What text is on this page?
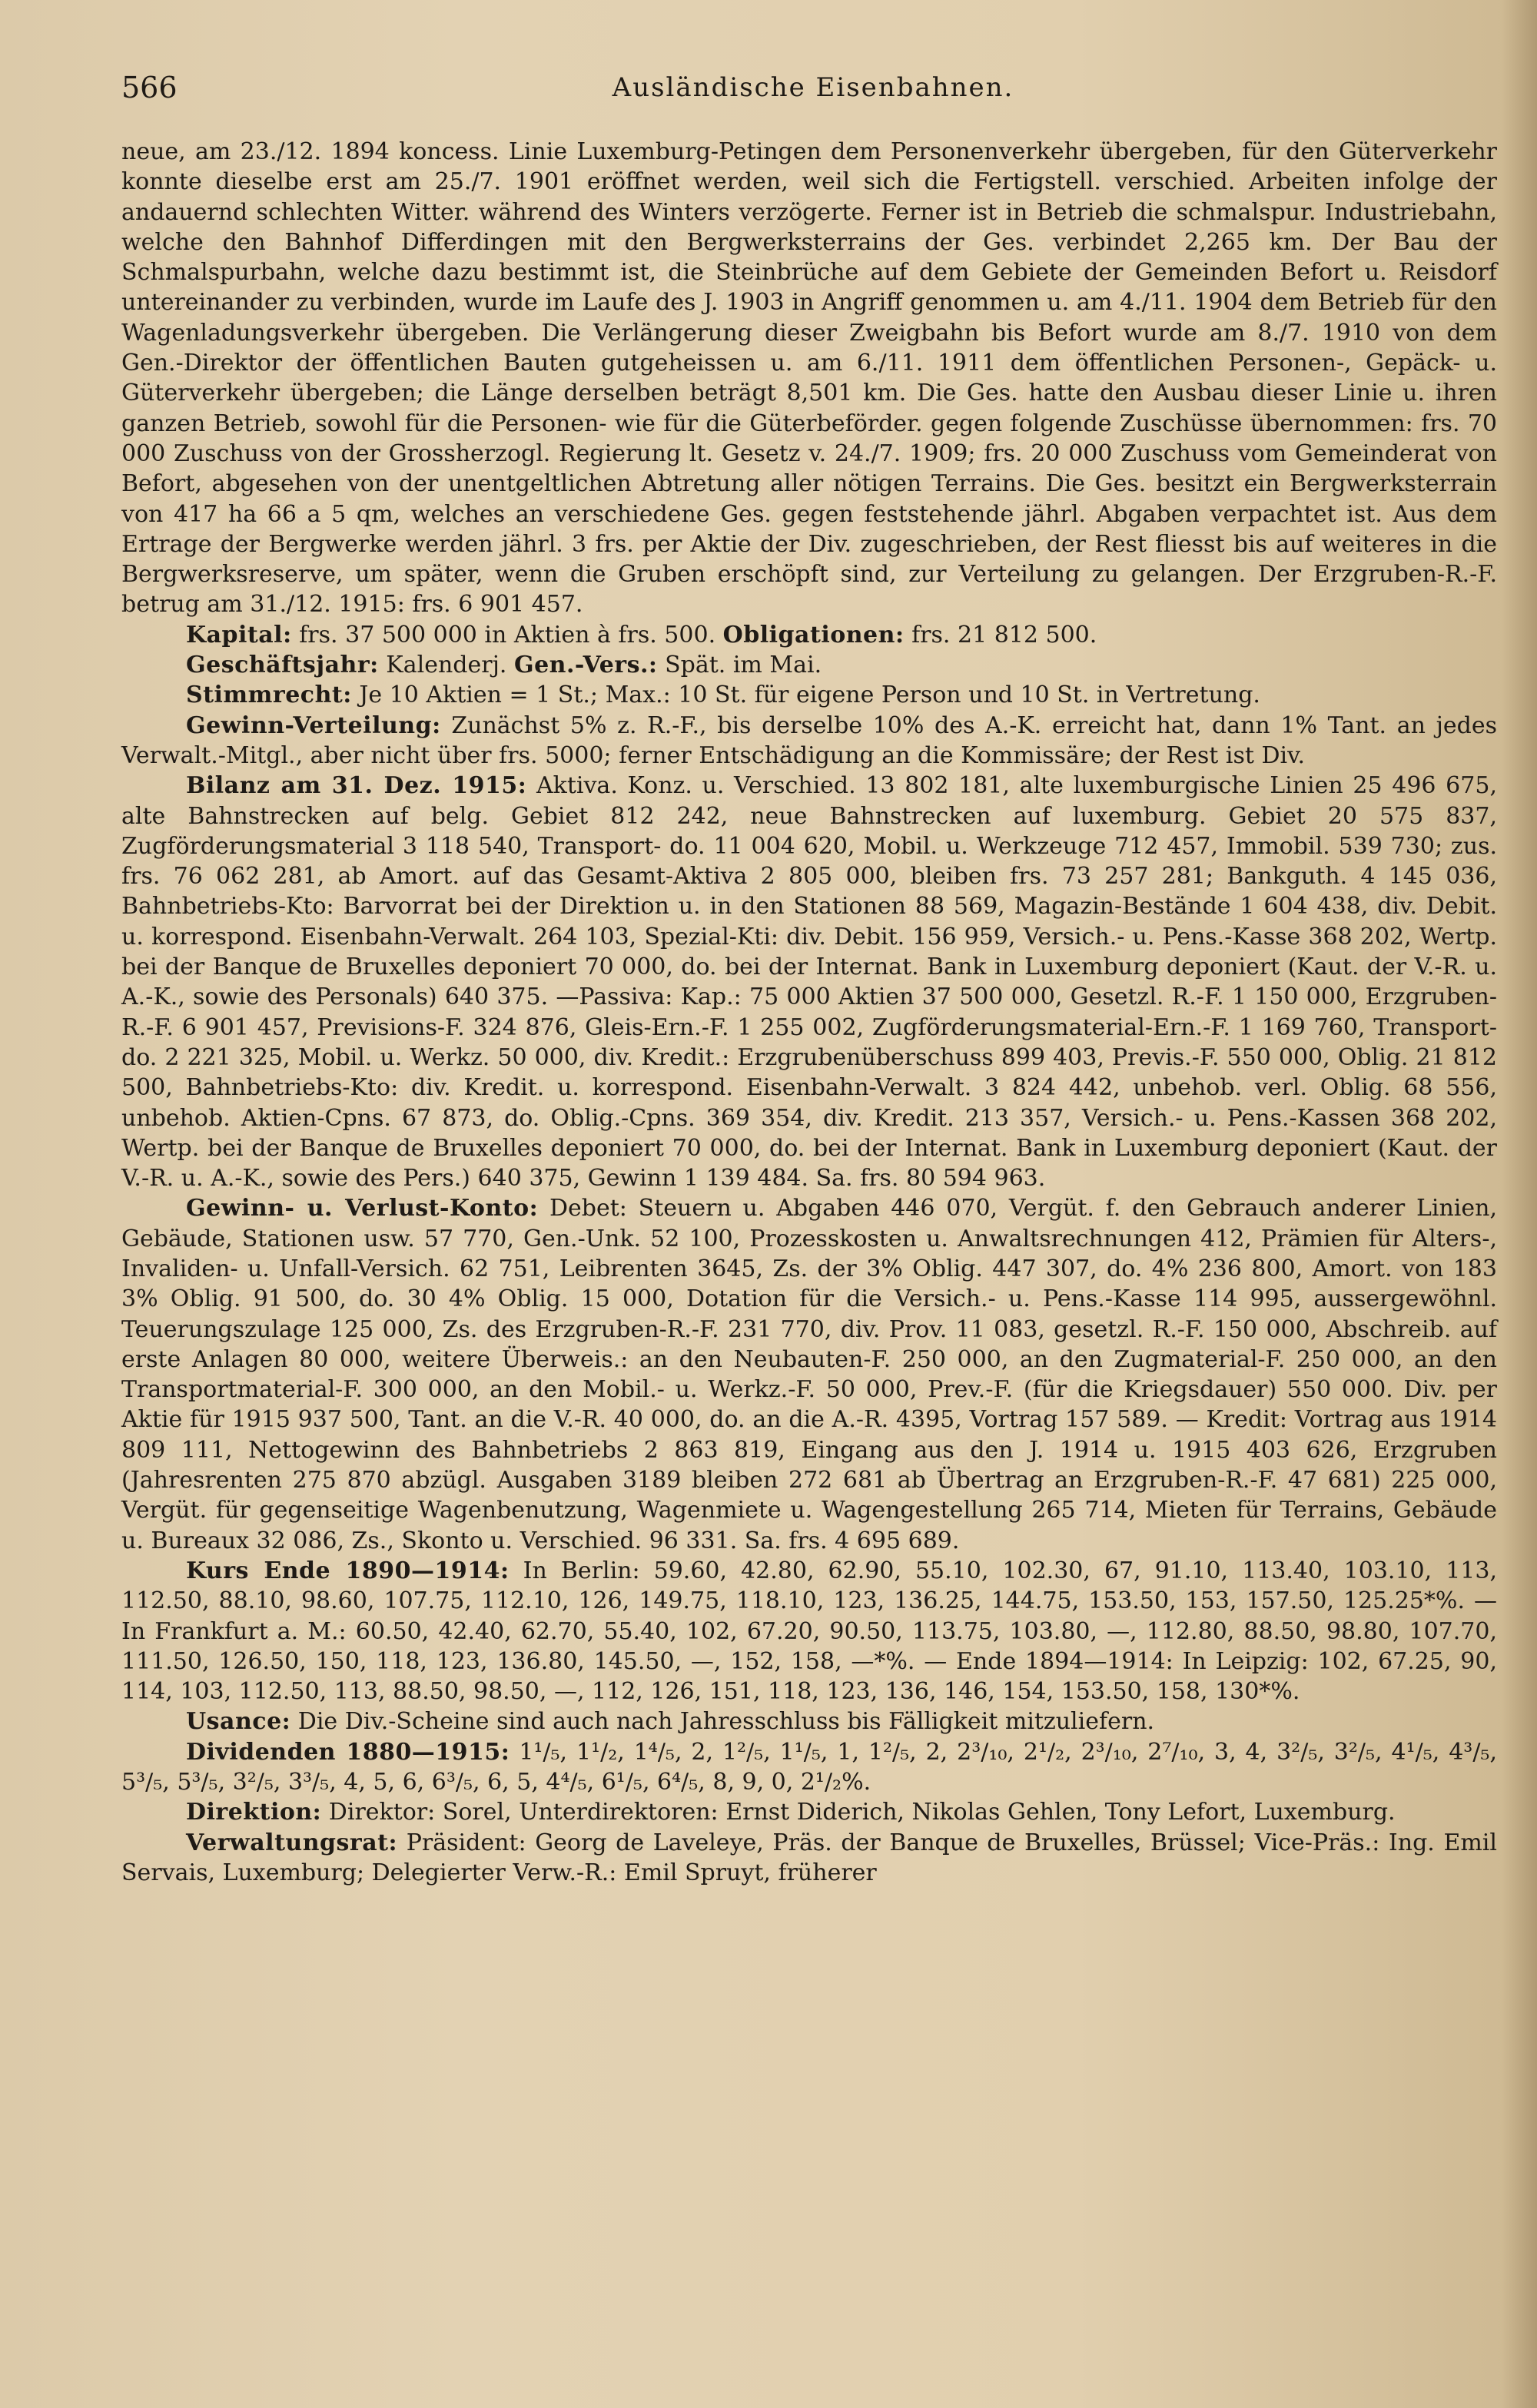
566	Ausländische Eisenbahnen.

neue, am 23./12. 1894 koncess. Linie Luxemburg-Petingen dem Personenverkehr übergeben, für den Güterverkehr konnte dieselbe erst am 25./7. 1901 eröffnet werden, weil sich die Fertigstell. verschied. Arbeiten infolge der andauernd schlechten Witter. während des Winters verzögerte. Ferner ist in Betrieb die schmalspur. Industriebahn, welche den Bahnhof Differdingen mit den Bergwerksterrains der Ges. verbindet 2,265 km. Der Bau der Schmalspurbahn, welche dazu bestimmt ist, die Steinbrüche auf dem Gebiete der Gemeinden Befort u. Reisdorf untereinander zu verbinden, wurde im Laufe des J. 1903 in Angriff genommen u. am 4./11. 1904 dem Betrieb für den Wagenladungsverkehr übergeben. Die Verlängerung dieser Zweigbahn bis Befort wurde am 8./7. 1910 von dem Gen.-Direktor der öffentlichen Bauten gutgeheissen u. am 6./11. 1911 dem öffentlichen Personen-, Gepäck- u. Güterverkehr übergeben; die Länge derselben beträgt 8,501 km. Die Ges. hatte den Ausbau dieser Linie u. ihren ganzen Betrieb, sowohl für die Personen- wie für die Güterbeförder. gegen folgende Zuschüsse übernommen: frs. 70 000 Zuschuss von der Grossherzogl. Regierung lt. Gesetz v. 24./7. 1909; frs. 20 000 Zuschuss vom Gemeinderat von Befort, abgesehen von der unentgeltlichen Abtretung aller nötigen Terrains. Die Ges. besitzt ein Bergwerksterrain von 417 ha 66 a 5 qm, welches an verschiedene Ges. gegen feststehende jährl. Abgaben verpachtet ist. Aus dem Ertrage der Bergwerke werden jährl. 3 frs. per Aktie der Div. zugeschrieben, der Rest fliesst bis auf weiteres in die Bergwerksreserve, um später, wenn die Gruben erschöpft sind, zur Verteilung zu gelangen. Der Erzgruben-R.-F. betrug am 31./12. 1915: frs. 6 901 457.

Kapital: frs. 37 500 000 in Aktien à frs. 500. Obligationen: frs. 21 812 500.

Geschäftsjahr: Kalenderj. Gen.-Vers.: Spät. im Mai.

Stimmrecht: Je 10 Aktien = 1 St.; Max.: 10 St. für eigene Person und 10 St. in Vertretung.

Gewinn-Verteilung: Zunächst 5% z. R.-F., bis derselbe 10% des A.-K. erreicht hat, dann 1% Tant. an jedes Verwalt.-Mitgl., aber nicht über frs. 5000; ferner Entschädigung an die Kommissäre; der Rest ist Div.

Bilanz am 31. Dez. 1915: Aktiva. Konz. u. Verschied. 13 802 181, alte luxemburgische Linien 25 496 675, alte Bahnstrecken auf belg. Gebiet 812 242, neue Bahnstrecken auf luxemburg. Gebiet 20 575 837, Zugförderungsmaterial 3 118 540, Transport- do. 11 004 620, Mobil. u. Werkzeuge 712 457, Immobil. 539 730; zus. frs. 76 062 281, ab Amort. auf das Gesamt-Aktiva 2 805 000, bleiben frs. 73 257 281; Bankguth. 4 145 036, Bahnbetriebs-Kto: Barvorrat bei der Direktion u. in den Stationen 88 569, Magazin-Bestände 1 604 438, div. Debit. u. korrespond. Eisenbahn-Verwalt. 264 103, Spezial-Kti: div. Debit. 156 959, Versich.- u. Pens.-Kasse 368 202, Wertp. bei der Banque de Bruxelles deponiert 70 000, do. bei der Internat. Bank in Luxemburg deponiert (Kaut. der V.-R. u. A.-K., sowie des Personals) 640 375. —Passiva: Kap.: 75 000 Aktien 37 500 000, Gesetzl. R.-F. 1 150 000, Erzgruben-R.-F. 6 901 457, Previsions-F. 324 876, Gleis-Ern.-F. 1 255 002, Zugförderungsmaterial-Ern.-F. 1 169 760, Transport-do. 2 221 325, Mobil. u. Werkz. 50 000, div. Kredit.: Erzgrubenüberschuss 899 403, Previs.-F. 550 000, Oblig. 21 812 500, Bahnbetriebs-Kto: div. Kredit. u. korrespond. Eisenbahn-Verwalt. 3 824 442, unbehob. verl. Oblig. 68 556, unbehob. Aktien-Cpns. 67 873, do. Oblig.-Cpns. 369 354, div. Kredit. 213 357, Versich.- u. Pens.-Kassen 368 202, Wertp. bei der Banque de Bruxelles deponiert 70 000, do. bei der Internat. Bank in Luxemburg deponiert (Kaut. der V.-R. u. A.-K., sowie des Pers.) 640 375, Gewinn 1 139 484. Sa. frs. 80 594 963.

Gewinn- u. Verlust-Konto: Debet: Steuern u. Abgaben 446 070, Vergüt. f. den Gebrauch anderer Linien, Gebäude, Stationen usw. 57 770, Gen.-Unk. 52 100, Prozesskosten u. Anwaltsrechnungen 412, Prämien für Alters-, Invaliden- u. Unfall-Versich. 62 751, Leibrenten 3645, Zs. der 3% Oblig. 447 307, do. 4% 236 800, Amort. von 183 3% Oblig. 91 500, do. 30 4% Oblig. 15 000, Dotation für die Versich.- u. Pens.-Kasse 114 995, aussergewöhnl. Teuerungszulage 125 000, Zs. des Erzgruben-R.-F. 231 770, div. Prov. 11 083, gesetzl. R.-F. 150 000, Abschreib. auf erste Anlagen 80 000, weitere Überweis.: an den Neubauten-F. 250 000, an den Zugmaterial-F. 250 000, an den Transportmaterial-F. 300 000, an den Mobil.- u. Werkz.-F. 50 000, Prev.-F. (für die Kriegsdauer) 550 000. Div. per Aktie für 1915 937 500, Tant. an die V.-R. 40 000, do. an die A.-R. 4395, Vortrag 157 589. — Kredit: Vortrag aus 1914 809 111, Nettogewinn des Bahnbetriebs 2 863 819, Eingang aus den J. 1914 u. 1915 403 626, Erzgruben (Jahresrenten 275 870 abzügl. Ausgaben 3189 bleiben 272 681 ab Übertrag an Erzgruben-R.-F. 47 681) 225 000, Vergüt. für gegenseitige Wagenbenutzung, Wagenmiete u. Wagengestellung 265 714, Mieten für Terrains, Gebäude u. Bureaux 32 086, Zs., Skonto u. Verschied. 96 331. Sa. frs. 4 695 689.

Kurs Ende 1890—1914: In Berlin: 59.60, 42.80, 62.90, 55.10, 102.30, 67, 91.10, 113.40, 103.10, 113, 112.50, 88.10, 98.60, 107.75, 112.10, 126, 149.75, 118.10, 123, 136.25, 144.75, 153.50, 153, 157.50, 125.25*%. — In Frankfurt a. M.: 60.50, 42.40, 62.70, 55.40, 102, 67.20, 90.50, 113.75, 103.80, —, 112.80, 88.50, 98.80, 107.70, 111.50, 126.50, 150, 118, 123, 136.80, 145.50, —, 152, 158, —*%. — Ende 1894—1914: In Leipzig: 102, 67.25, 90, 114, 103, 112.50, 113, 88.50, 98.50, —, 112, 126, 151, 118, 123, 136, 146, 154, 153.50, 158, 130*%.

Usance: Die Div.-Scheine sind auch nach Jahresschluss bis Fälligkeit mitzuliefern.

Dividenden 1880—1915: 1¹/₅, 1¹/₂, 1⁴/₅, 2, 1²/₅, 1¹/₅, 1, 1²/₅, 2, 2³/₁₀, 2¹/₂, 2³/₁₀, 2⁷/₁₀, 3, 4, 3²/₅, 3²/₅, 4¹/₅, 4³/₅, 5³/₅, 5³/₅, 3²/₅, 3³/₅, 4, 5, 6, 6³/₅, 6, 5, 4⁴/₅, 6¹/₅, 6⁴/₅, 8, 9, 0, 2¹/₂%.

Direktion: Direktor: Sorel, Unterdirektoren: Ernst Diderich, Nikolas Gehlen, Tony Lefort, Luxemburg.

Verwaltungsrat: Präsident: Georg de Laveleye, Präs. der Banque de Bruxelles, Brüssel; Vice-Präs.: Ing. Emil Servais, Luxemburg; Delegierter Verw.-R.: Emil Spruyt, früherer
